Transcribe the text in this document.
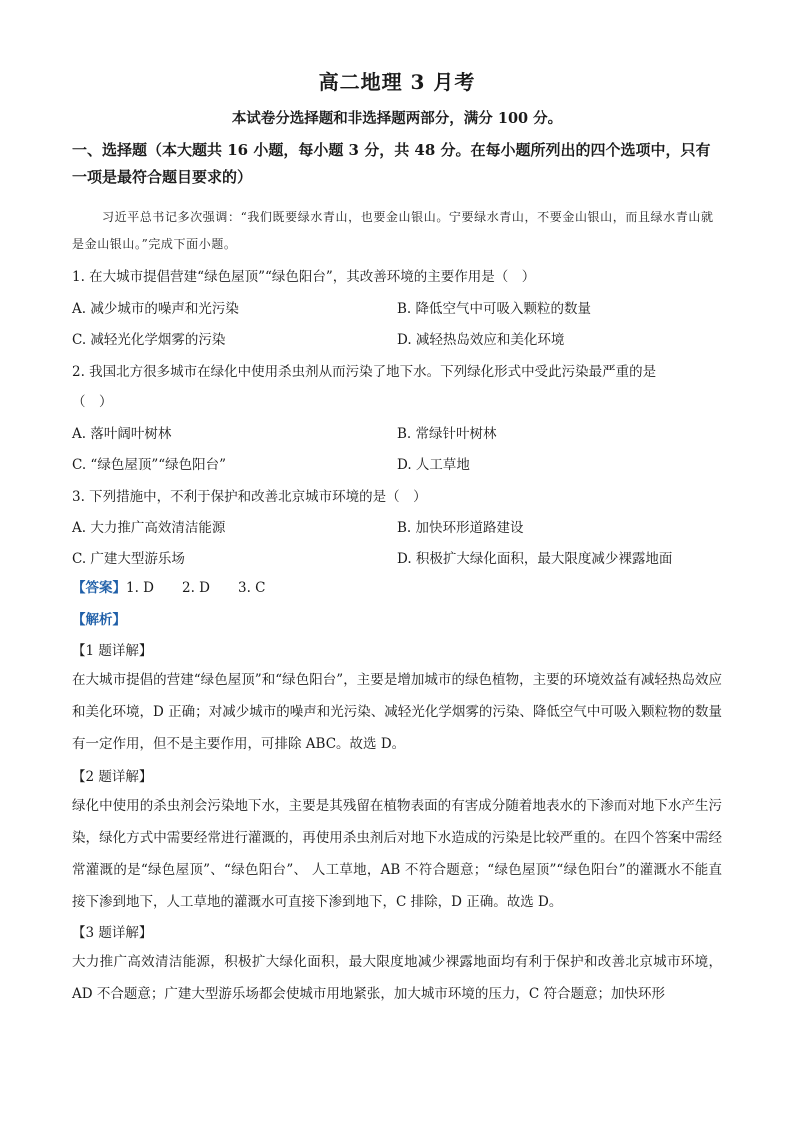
高二地理 3 月考
本试卷分选择题和非选择题两部分，满分 100 分。
一、选择题（本大题共 16 小题，每小题 3 分，共 48 分。在每小题所列出的四个选项中，只有一项是最符合题目要求的）
习近平总书记多次强调：“我们既要绿水青山，也要金山银山。宁要绿水青山，不要金山银山，而且绿水青山就是金山银山。”完成下面小题。
1. 在大城市提倡营建“绿色屋顶”“绿色阳台”，其改善环境的主要作用是（　）
A. 减少城市的噪声和光污染	B. 降低空气中可吸入颗粒的数量
C. 减轻光化学烟雾的污染	D. 减轻热岛效应和美化环境
2. 我国北方很多城市在绿化中使用杀虫剂从而污染了地下水。下列绿化形式中受此污染最严重的是
（　）
A. 落叶阔叶树林	B. 常绿针叶树林
C. “绿色屋顶”“绿色阳台”	D. 人工草地
3. 下列措施中，不利于保护和改善北京城市环境的是（　）
A. 大力推广高效清洁能源	B. 加快环形道路建设
C. 广建大型游乐场	D. 积极扩大绿化面积，最大限度减少裸露地面
【答案】1. D 2. D 3. C
【解析】
【1 题详解】
在大城市提倡的营建“绿色屋顶”和“绿色阳台”，主要是增加城市的绿色植物，主要的环境效益有减轻热岛效应和美化环境，D 正确；对减少城市的噪声和光污染、减轻光化学烟雾的污染、降低空气中可吸入颗粒物的数量有一定作用，但不是主要作用，可排除 ABC。故选 D。
【2 题详解】
绿化中使用的杀虫剂会污染地下水，主要是其残留在植物表面的有害成分随着地表水的下渗而对地下水产生污染，绿化方式中需要经常进行灌溉的，再使用杀虫剂后对地下水造成的污染是比较严重的。在四个答案中需经常灌溉的是“绿色屋顶”、“绿色阳台”、 人工草地，AB 不符合题意；“绿色屋顶”“绿色阳台”的灌溉水不能直接下渗到地下，人工草地的灌溉水可直接下渗到地下，C 排除，D 正确。故选 D。
【3 题详解】
大力推广高效清洁能源，积极扩大绿化面积，最大限度地减少裸露地面均有利于保护和改善北京城市环境，AD 不合题意；广建大型游乐场都会使城市用地紧张，加大城市环境的压力，C 符合题意；加快环形
